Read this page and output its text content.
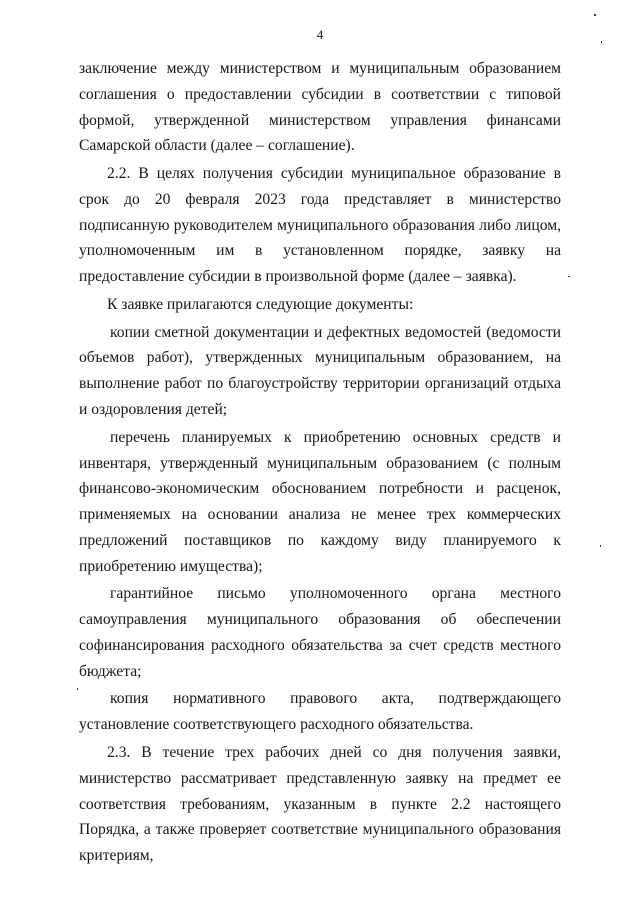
4

заключение между министерством и муниципальным образованием соглашения о предоставлении субсидии в соответствии с типовой формой, утвержденной министерством управления финансами Самарской области (далее – соглашение).

2.2. В целях получения субсидии муниципальное образование в срок до 20 февраля 2023 года представляет в министерство подписанную руководителем муниципального образования либо лицом, уполномоченным им в установленном порядке, заявку на предоставление субсидии в произвольной форме (далее – заявка).

К заявке прилагаются следующие документы:

копии сметной документации и дефектных ведомостей (ведомости объемов работ), утвержденных муниципальным образованием, на выполнение работ по благоустройству территории организаций отдыха и оздоровления детей;

перечень планируемых к приобретению основных средств и инвентаря, утвержденный муниципальным образованием (с полным финансово-экономическим обоснованием потребности и расценок, применяемых на основании анализа не менее трех коммерческих предложений поставщиков по каждому виду планируемого к приобретению имущества);

гарантийное письмо уполномоченного органа местного самоуправления муниципального образования об обеспечении софинансирования расходного обязательства за счет средств местного бюджета;

копия нормативного правового акта, подтверждающего установление соответствующего расходного обязательства.

2.3. В течение трех рабочих дней со дня получения заявки, министерство рассматривает представленную заявку на предмет ее соответствия требованиям, указанным в пункте 2.2 настоящего Порядка, а также проверяет соответствие муниципального образования критериям,
